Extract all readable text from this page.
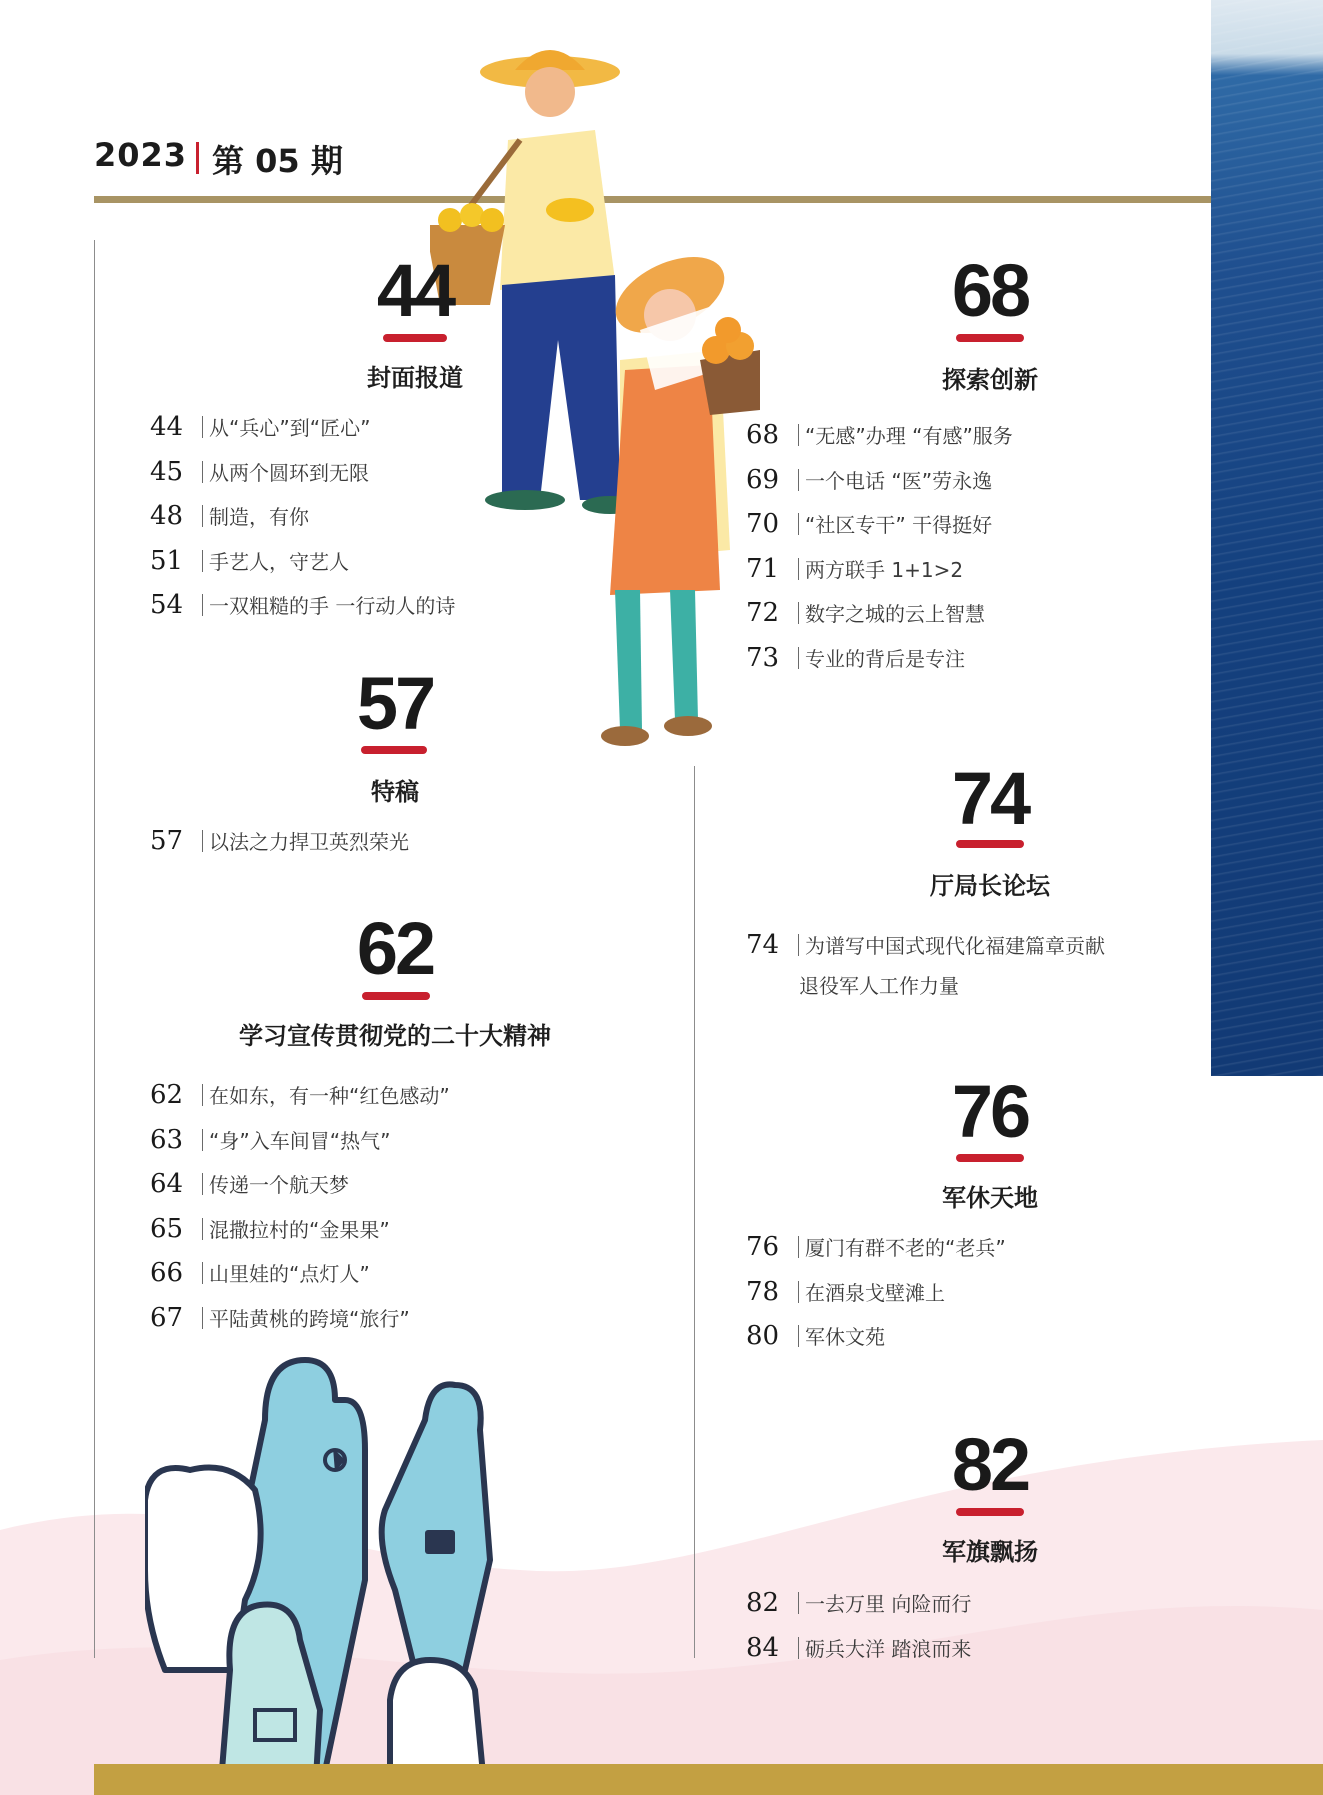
2023 第 05 期
44
封面报道
44 从“兵心”到“匠心”
45 从两个圆环到无限
48 制造，有你
51 手艺人，守艺人
54 一双粗糙的手 一行动人的诗
57
特稿
57 以法之力捍卫英烈荣光
62
学习宣传贯彻党的二十大精神
62 在如东，有一种“红色感动”
63 “身”入车间冒“热气”
64 传递一个航天梦
65 混撒拉村的“金果果”
66 山里娃的“点灯人”
67 平陆黄桃的跨境“旅行”
68
探索创新
68 “无感”办理 “有感”服务
69 一个电话 “医”劳永逸
70 “社区专干” 干得挺好
71 两方联手 1+1>2
72 数字之城的云上智慧
73 专业的背后是专注
74
厅局长论坛
74 为谱写中国式现代化福建篇章贡献
退役军人工作力量
76
军休天地
76 厦门有群不老的“老兵”
78 在酒泉戈壁滩上
80 军休文苑
82
军旗飘扬
82 一去万里 向险而行
84 砺兵大洋 踏浪而来
